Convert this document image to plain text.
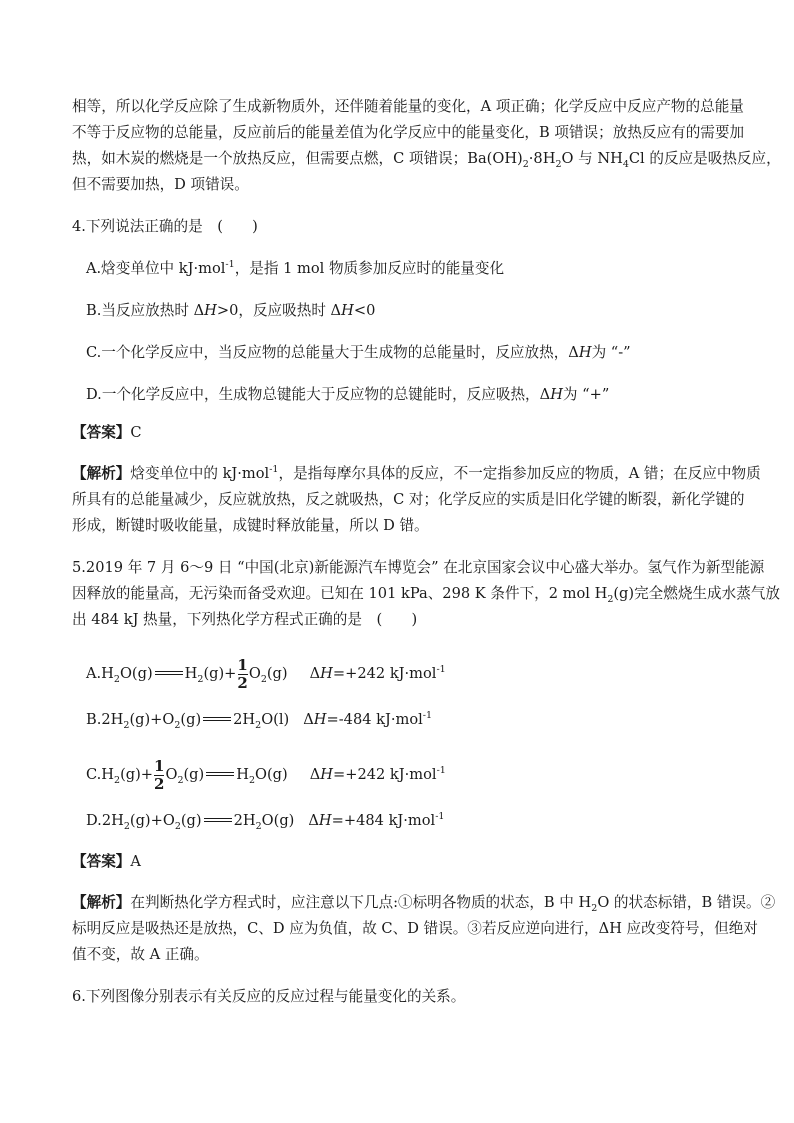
相等，所以化学反应除了生成新物质外，还伴随着能量的变化，A 项正确；化学反应中反应产物的总能量
不等于反应物的总能量，反应前后的能量差值为化学反应中的能量变化，B 项错误；放热反应有的需要加
热，如木炭的燃烧是一个放热反应，但需要点燃，C 项错误；$Ba(OH)_2\cdot 8H_2O$ 与 $NH_4Cl$ 的反应是吸热反应，
但不需要加热，D 项错误。
4.下列说法正确的是　(　　)
A.焓变单位中 kJ·mol$^{-1}$，是指 1 mol 物质参加反应时的能量变化
B.当反应放热时 ΔH>0，反应吸热时 ΔH<0
C.一个化学反应中，当反应物的总能量大于生成物的总能量时，反应放热，ΔH为 “-”
D.一个化学反应中，生成物总键能大于反应物的总键能时，反应吸热，ΔH为 “+”
【答案】C
【解析】焓变单位中的 kJ·mol$^{-1}$，是指每摩尔具体的反应，不一定指参加反应的物质，A 错；在反应中物质
所具有的总能量减少，反应就放热，反之就吸热，C 对；化学反应的实质是旧化学键的断裂，新化学键的
形成，断键时吸收能量，成键时释放能量，所以 D 错。
5.2019 年 7 月 6～9 日 “中国(北京)新能源汽车博览会” 在北京国家会议中心盛大举办。氢气作为新型能源
因释放的能量高，无污染而备受欢迎。已知在 101 kPa、298 K 条件下，2 mol $H_2(g)$完全燃烧生成水蒸气放
出 484 kJ 热量，下列热化学方程式正确的是　(　　)
$A.H_2O(g)$ $H_2(g)+ \frac{1}{2} O_2(g)$ ΔH=+242 kJ·mol$^{-1}$
$B.2H_2(g)+O_2(g)$ $2H_2O(l)$ ΔH=-484 kJ·mol$^{-1}$
$C.H_2(g)+ \frac{1}{2} O_2(g)$ $H_2O(g)$ ΔH=+242 kJ·mol$^{-1}$
$D.2H_2(g)+O_2(g)$ $2H_2O(g)$ ΔH=+484 kJ·mol$^{-1}$
【答案】A
【解析】在判断热化学方程式时，应注意以下几点:①标明各物质的状态，B 中 $H_2O$ 的状态标错，B 错误。②
标明反应是吸热还是放热，C、D 应为负值，故 C、D 错误。③若反应逆向进行，ΔH 应改变符号，但绝对
值不变，故 A 正确。
6.下列图像分别表示有关反应的反应过程与能量变化的关系。
